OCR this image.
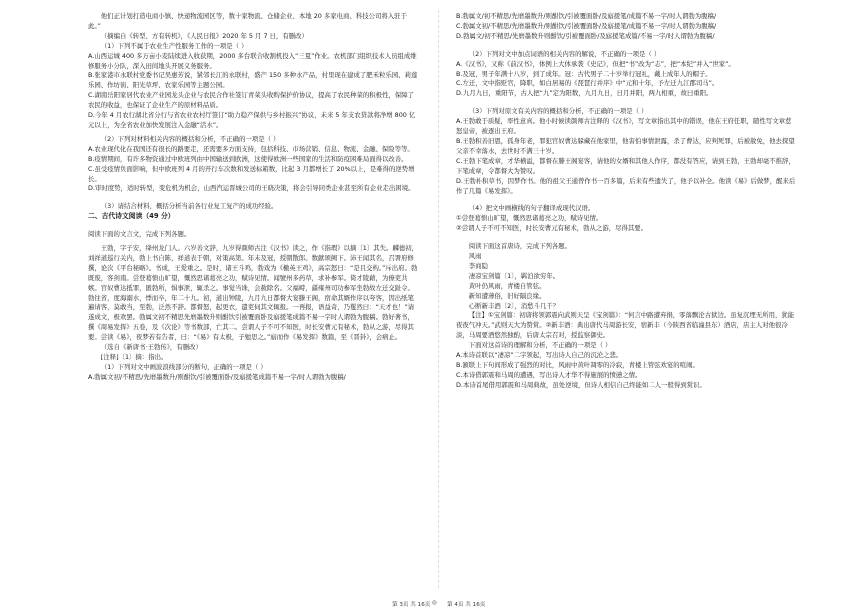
他们正计划打造电商小镇、快递物流园区等，数十家物流、仓储企业、本地 20 多家电商、科技公司将入驻于此。”
（摘编自《转型、方有转机》，《人民日报》2020 年 5 月 7 日，有删改）
（1）下列不属于农业生产性服务工作的一项是（ ）
A.山西运城 400 多万亩小麦陆续进入收获期，2000 多台联合收割机投入“三夏”作业。农机部门组织技术人员组成维修服务小分队，深入田间地头开展义务服务。
B.张家港市永联村党委书记吴惠芳说，紧邻长江的永联村，盛产 150 多种水产品，村里现在建成了肥禾粒乐园、莉莲乐园、作坊街、阳光草坪、农家乐园等主题公园。
C.湖南岳阳家居代农业产业园龙头企业与农民合作社签订青菜头收购保护价协议，提高了农民种菜的积极性，保障了农民的收益，也保证了企业生产的原材料品质。
D.今年 4 月农行湖北省分行与省农业农村厅签订“助力稳产保供与乡村振兴”协议，未来 5 年支农贷款将净增 800 亿元以上，为全省农业加快发展注入金融“活水”。
（2）下列对材料相关内容的概括和分析，不正确的一项是（ ）
A.农业现代化在我国还有很长的路要走，还需要多方面支持，包括科技、市场营销、信息、物流、金融、保险等等。
B.疫情期间，有许多物资通过中欧班列由中国输送到欧洲，这使得欧洲一些国家的生活和防疫困难局面得以改善。
C.虽受疫情负面影响，但中欧班列 4 月的开行车次数和发送标箱数，比起 3 月都增长了 20%以上，是难得的逆势增长。
D.审时度势，适时转型，变危机为机会，山西汽运晋城公司的王晓决策，将会引导同类企业甚至所有企业走出困境。
（3）请结合材料，概括分析当前各行业复工复产的成功经验。
二、古代诗文阅读（49 分）
阅读下面的文言文，完成下列各题。
王勃，字子安，绛州龙门人。六岁善文辞，九岁得颜师古注《汉书》读之，作《指瑕》以摘〔1〕其失。麟德初，刘祥道巡行关内，勃上书自陈，祥道表于朝，对策高第。年未及冠，授朝散郎。数献颂阙下。沛王闻其名，召署府修撰，论次《平台秘略》。书成，王爱重之。是时，诸王斗鸡，勃戏为《檄英王鸡》，高宗怒曰：“是且交构。”斥出府。勃既废，客剑南。尝登葛愦山旷望，慨然思诸葛亮之功，赋诗见情。闻號州多药草，求补参军。倚才陵藉，为僚吏共嫉。官奴曹达抵罪，匿勃所，惧事泄，辄杀之。事觉当诛，会赦除名。父福畤，繇雍州司功参军坐勃故左迁交趾令。勃往省，度海溺水，悸而卒，年二十九。初，道出钟陵，九月九日都督大宴滕王阁，宿命其婿作序以夸客，因出纸笔遍请客，莫敢当，至勃，泛然不辞。都督怒，起更衣，遣吏伺其文辄报。一再报，语益奇，乃矍然曰：“天才也！”请遂成文，极欢罢。勃属文初不精思先磨墨数升则酣饮引被覆面卧及寤援笔成篇不易一字时人谓勃为腹稿。勃好著书，撰《周易发挥》五卷，及《次论》等书数部，亡其二。尝谓人子不可不知医，时长安曹元有秘术，勃从之游，尽得其要。尝读《易》，夜梦若有告者，曰：“《易》有太极，子勉思之。”寤而作《易发挥》数篇，至《晋卦》，会病止。
（选自《新唐书·王勃传》，有删改）
[注释]〔1〕摘：指出。
（1）下列对文中画波浪线部分的断句，正确的一项是（ ）
A.勃属文初/不精思/先磨墨数升/则酣饮/引被覆面卧/及寤援笔成篇不易一字/时人谓勃为腹稿/
B.勃属文/初不精思/先磨墨数升/则酣饮/引被覆面卧/及寤援笔/成篇不易一字/时人谓勃为腹稿/
C.勃属文初/不精思/先磨墨数升/则酣饮/引被覆面卧/及寤援笔/成篇不易一字/时人谓勃为腹稿/
D.勃属文/初不精思/先磨墨数升则酣饮/引被覆面卧/及寤援笔成篇/不易一字/时人谓勃为腹稿/
（2）下列对文中加点词语的相关内容的解说，不正确的一项是（ ）
A.《汉书》，又称《前汉书》，体例上大体承袭《史记》，但把“书”改为“志”，把“本纪”并入“世家”。
B.及冠，男子年满十八岁，到了成年。冠：古代男子二十岁举行冠礼，戴上成年人的帽子。
C.左迁，文中指贬官，降职，如白居易的《琵琶行并序》中“元和十年，予左迁九江郡司马”。
D.九月九日，重阳节，古人把“九”定为阳数，九月九日，日月并阳，两九相重，故曰重阳。
（3）下列对原文有关内容的概括和分析，不正确的一项是（ ）
A.王勃敢于质疑，率性意真。他小时候读颜师古注释的《汉书》，写文章指出其中的错误，他在王府任职，随性写文章惹怒皇帝，被逐出王府。
B.王勃积善旧恩，孤身年老，罪犯官奴曹达躲藏在他家里，他害怕事情泄露，杀了曹达，应判死罪，后被赦免，他去探望父亲不幸落水，去世时不满三十岁。
C.王勃下笔成章，才华横溢，都督在滕王阁宴客，请他的女婿和其他人作序，都没有答应，请到王勃，王勃却毫不推辞，下笔成章，令都督大为赞叹。
D.王勃朴积草书，因梦作书。他的祖父王通曾作书一百多篇，后来有些遗失了，他予以补全。他读《易》后做梦，醒来后作了几篇《易发挥》。
（4）把文中画横线的句子翻译成现代汉语。
①尝登葛愦山旷望，慨然思诸葛亮之功，赋诗见情。
②尝谓人子不可不知医，时长安曹元有秘术，勃从之游，尽得其要。
阅读下面这首唐诗，完成下列各题。
风雨
李商隐
凄凉宝剑篇〔1〕，羁泊欲穷年。
黄叶仍风雨，青楼自管弦。
新知遭薄俗，旧好隔良缘。
心断新丰酒〔2〕，消愁斗几千？
【注】①宝剑篇：初唐将领郭震向武则天呈《宝剑篇》：“何言中路遭弃捐，零落飘沦古狱边。虽复沉埋无所用，犹能夜夜气冲天。”武则天大为赞赏。②新丰酒：典出唐代马周游长安，宿新丰（今陕西省临潼县东）酒店，店主人对他很冷淡，马周要酒悠然独酌，后唐太宗召对，授监察御史。
下面对这首诗的理解和分析，不正确的一项是（ ）
A.本诗首联以“凄凉”二字领起，写出诗人自己的沉沦之悲。
B.颔联上下句间形成了强烈的对比，风雨中黄叶凋零的冷寂，青楼上管弦欢宴的喧闹。
C.本诗借郭震和马周的遭遇，写出诗人才华不得施展的愤懑之情。
D.本诗首尾借用郭震和马周典故，虽处逆境，但诗人相信自己终能如二人一般得到赏识。
第 3页 共 16页 ◎ 第 4页 共 16页
